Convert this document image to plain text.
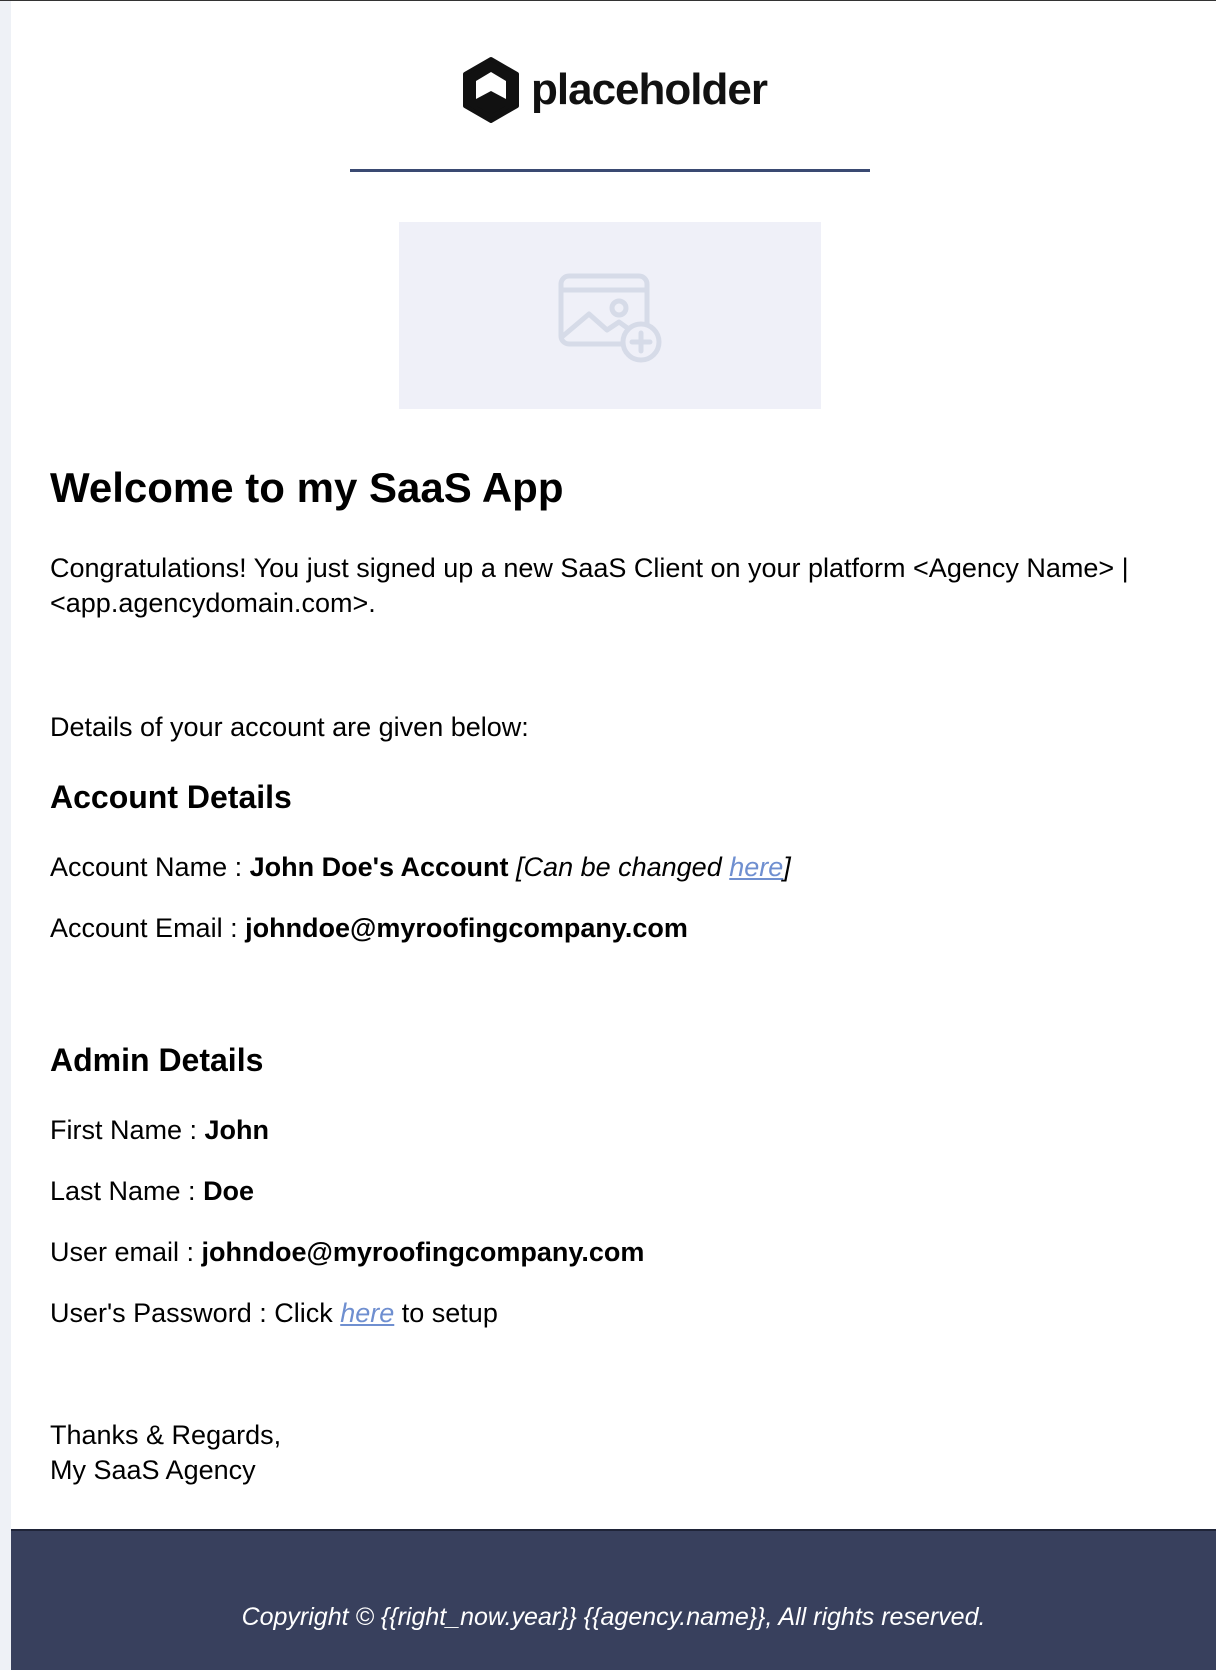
placeholder
Welcome to my SaaS App

Congratulations! You just signed up a new SaaS Client on your platform <Agency Name> | <app.agencydomain.com>.

Details of your account are given below:

Account Details

Account Name : John Doe's Account [Can be changed here]

Account Email : johndoe@myroofingcompany.com

Admin Details

First Name : John

Last Name : Doe

User email : johndoe@myroofingcompany.com

User's Password : Click here to setup

Thanks & Regards,

My SaaS Agency

Copyright © {{right_now.year}} {{agency.name}}, All rights reserved.
